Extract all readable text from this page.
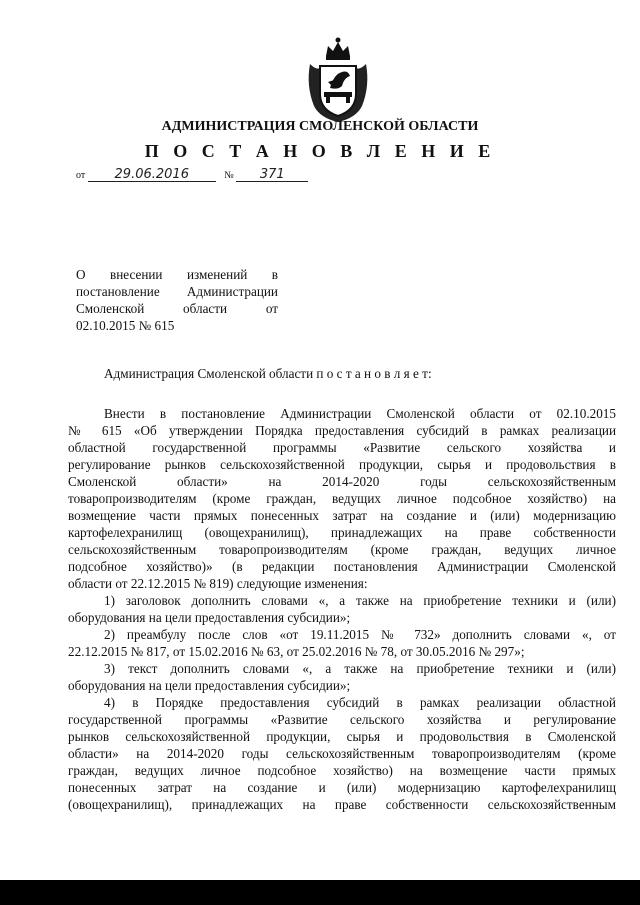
АДМИНИСТРАЦИЯ СМОЛЕНСКОЙ ОБЛАСТИ
П О С Т А Н О В Л Е Н И Е
от 29.06.2016	№ 371
О внесении изменений в
постановление Администрации
Смоленской области от
02.10.2015 № 615
Администрация Смоленской области п о с т а н о в л я е т:
Внести в постановление Администрации Смоленской области от 02.10.2015
№ 615 «Об утверждении Порядка предоставления субсидий в рамках реализации
областной государственной программы «Развитие сельского хозяйства и
регулирование рынков сельскохозяйственной продукции, сырья и продовольствия в
Смоленской области» на 2014-2020 годы сельскохозяйственным
товаропроизводителям (кроме граждан, ведущих личное подсобное хозяйство) на
возмещение части прямых понесенных затрат на создание и (или) модернизацию
картофелехранилищ (овощехранилищ), принадлежащих на праве собственности
сельскохозяйственным товаропроизводителям (кроме граждан, ведущих личное
подсобное хозяйство)» (в редакции постановления Администрации Смоленской
области от 22.12.2015 № 819) следующие изменения:
1) заголовок дополнить словами «, а также на приобретение техники и (или)
оборудования на цели предоставления субсидии»;
2) преамбулу после слов «от 19.11.2015 № 732» дополнить словами «, от
22.12.2015 № 817, от 15.02.2016 № 63, от 25.02.2016 № 78, от 30.05.2016 № 297»;
3) текст дополнить словами «, а также на приобретение техники и (или)
оборудования на цели предоставления субсидии»;
4) в Порядке предоставления субсидий в рамках реализации областной
государственной программы «Развитие сельского хозяйства и регулирование
рынков сельскохозяйственной продукции, сырья и продовольствия в Смоленской
области» на 2014-2020 годы сельскохозяйственным товаропроизводителям (кроме
граждан, ведущих личное подсобное хозяйство) на возмещение части прямых
понесенных затрат на создание и (или) модернизацию картофелехранилищ
(овощехранилищ), принадлежащих на праве собственности сельскохозяйственным
